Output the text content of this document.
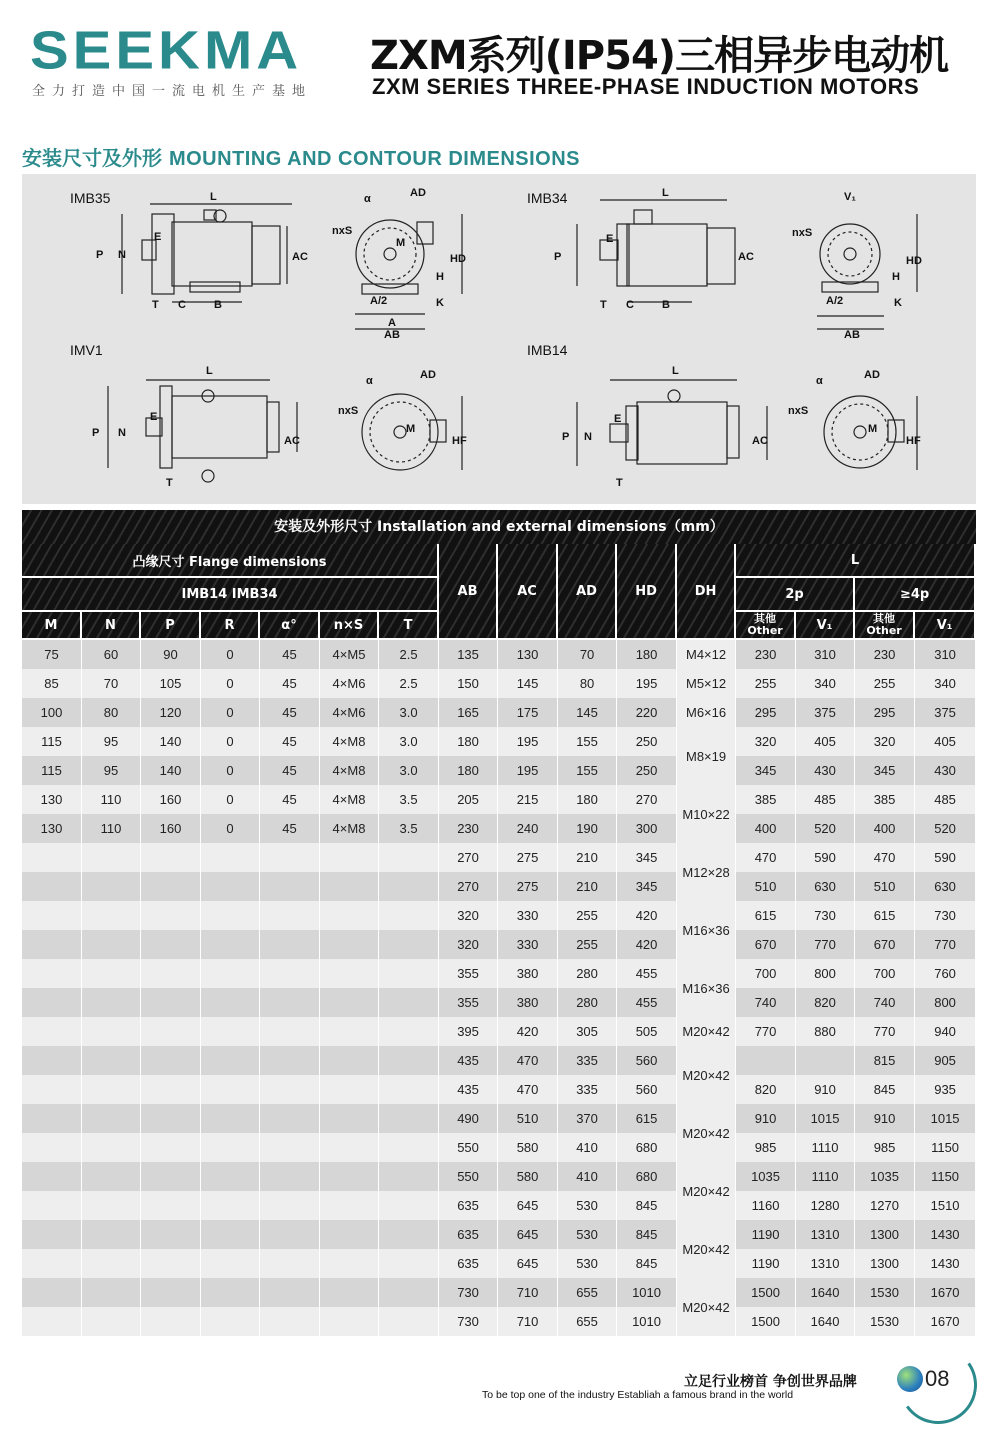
SEEKMA
全力打造中国一流电机生产基地
ZXM系列(IP54)三相异步电动机
ZXM SERIES THREE-PHASE INDUCTION MOTORS
安装尺寸及外形 MOUNTING AND CONTOUR DIMENSIONS
IMB35	IMB34
IMV1	IMB14
L
P N
E
AC
T C	B
AD
α
nxS
M
HD
H
A/2	K
A
AB
L
P
E
AC
T C	B
V₁
nxS
HD
H
A/2	K
AB
L
P N
E
AC
T
AD
α
nxS
M
HF
L
P N
E
AC
T
AD
α
nxS
M
HF
安装及外形尺寸 Installation and external dimensions（mm）
凸缘尺寸 Flange dimensions							AB	AC	AD	HD	DH	L			
IMB14 IMB34												2p		≥4p	
M	N	P	R	α°	n×S	T						其他
Other	V₁	其他
Other	V₁
75	60	90	0	45	4×M5	2.5	135	130	70	180	M4×12	230	310	230	310
85	70	105	0	45	4×M6	2.5	150	145	80	195	M5×12	255	340	255	340
100	80	120	0	45	4×M6	3.0	165	175	145	220	M6×16	295	375	295	375
115	95	140	0	45	4×M8	3.0	180	195	155	250	M8×19	320	405	320	405
115	95	140	0	45	4×M8	3.0	180	195	155	250		345	430	345	430
130	110	160	0	45	4×M8	3.5	205	215	180	270	M10×22	385	485	385	485
130	110	160	0	45	4×M8	3.5	230	240	190	300		400	520	400	520
							270	275	210	345	M12×28	470	590	470	590
							270	275	210	345		510	630	510	630
							320	330	255	420	M16×36	615	730	615	730
							320	330	255	420		670	770	670	770
							355	380	280	455	M16×36	700	800	700	760
							355	380	280	455		740	820	740	800
							395	420	305	505	M20×42	770	880	770	940
							435	470	335	560	M20×42			815	905
							435	470	335	560		820	910	845	935
							490	510	370	615	M20×42	910	1015	910	1015
							550	580	410	680		985	1110	985	1150
							550	580	410	680	M20×42	1035	1110	1035	1150
							635	645	530	845		1160	1280	1270	1510
							635	645	530	845	M20×42	1190	1310	1300	1430
							635	645	530	845		1190	1310	1300	1430
							730	710	655	1010	M20×42	1500	1640	1530	1670
							730	710	655	1010		1500	1640	1530	1670
立足行业榜首 争创世界品牌
To be top one of the industry Establiah a famous brand in the world
08
